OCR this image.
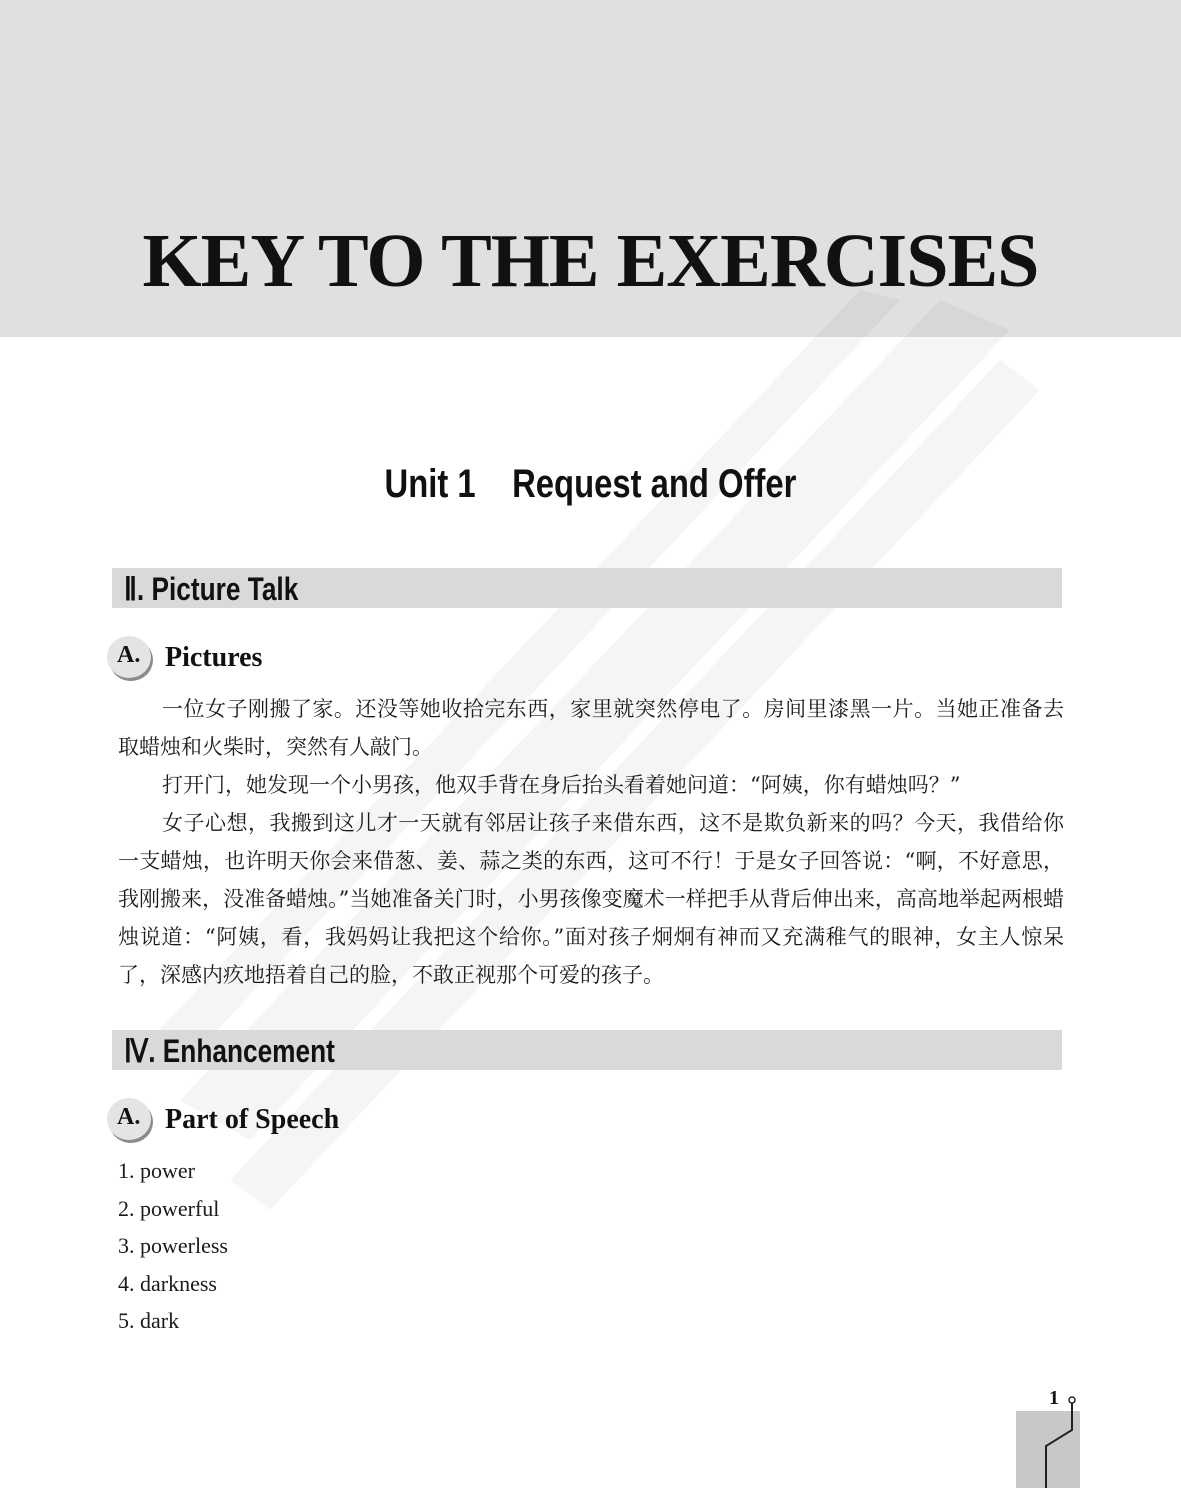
KEY TO THE EXERCISES
Unit 1    Request and Offer
Ⅱ. Picture Talk
A. Pictures

一位女子刚搬了家。还没等她收拾完东西，家里就突然停电了。房间里漆黑一片。当她正准备去取蜡烛和火柴时，突然有人敲门。

打开门，她发现一个小男孩，他双手背在身后抬头看着她问道：“阿姨，你有蜡烛吗？”

女子心想，我搬到这儿才一天就有邻居让孩子来借东西，这不是欺负新来的吗？今天，我借给你一支蜡烛，也许明天你会来借葱、姜、蒜之类的东西，这可不行！于是女子回答说：“啊，不好意思，我刚搬来，没准备蜡烛。”当她准备关门时，小男孩像变魔术一样把手从背后伸出来，高高地举起两根蜡烛说道：“阿姨，看，我妈妈让我把这个给你。”面对孩子炯炯有神而又充满稚气的眼神，女主人惊呆了，深感内疚地捂着自己的脸，不敢正视那个可爱的孩子。

Ⅳ. Enhancement
A. Part of Speech
1. power
2. powerful
3. powerless
4. darkness
5. dark
1
